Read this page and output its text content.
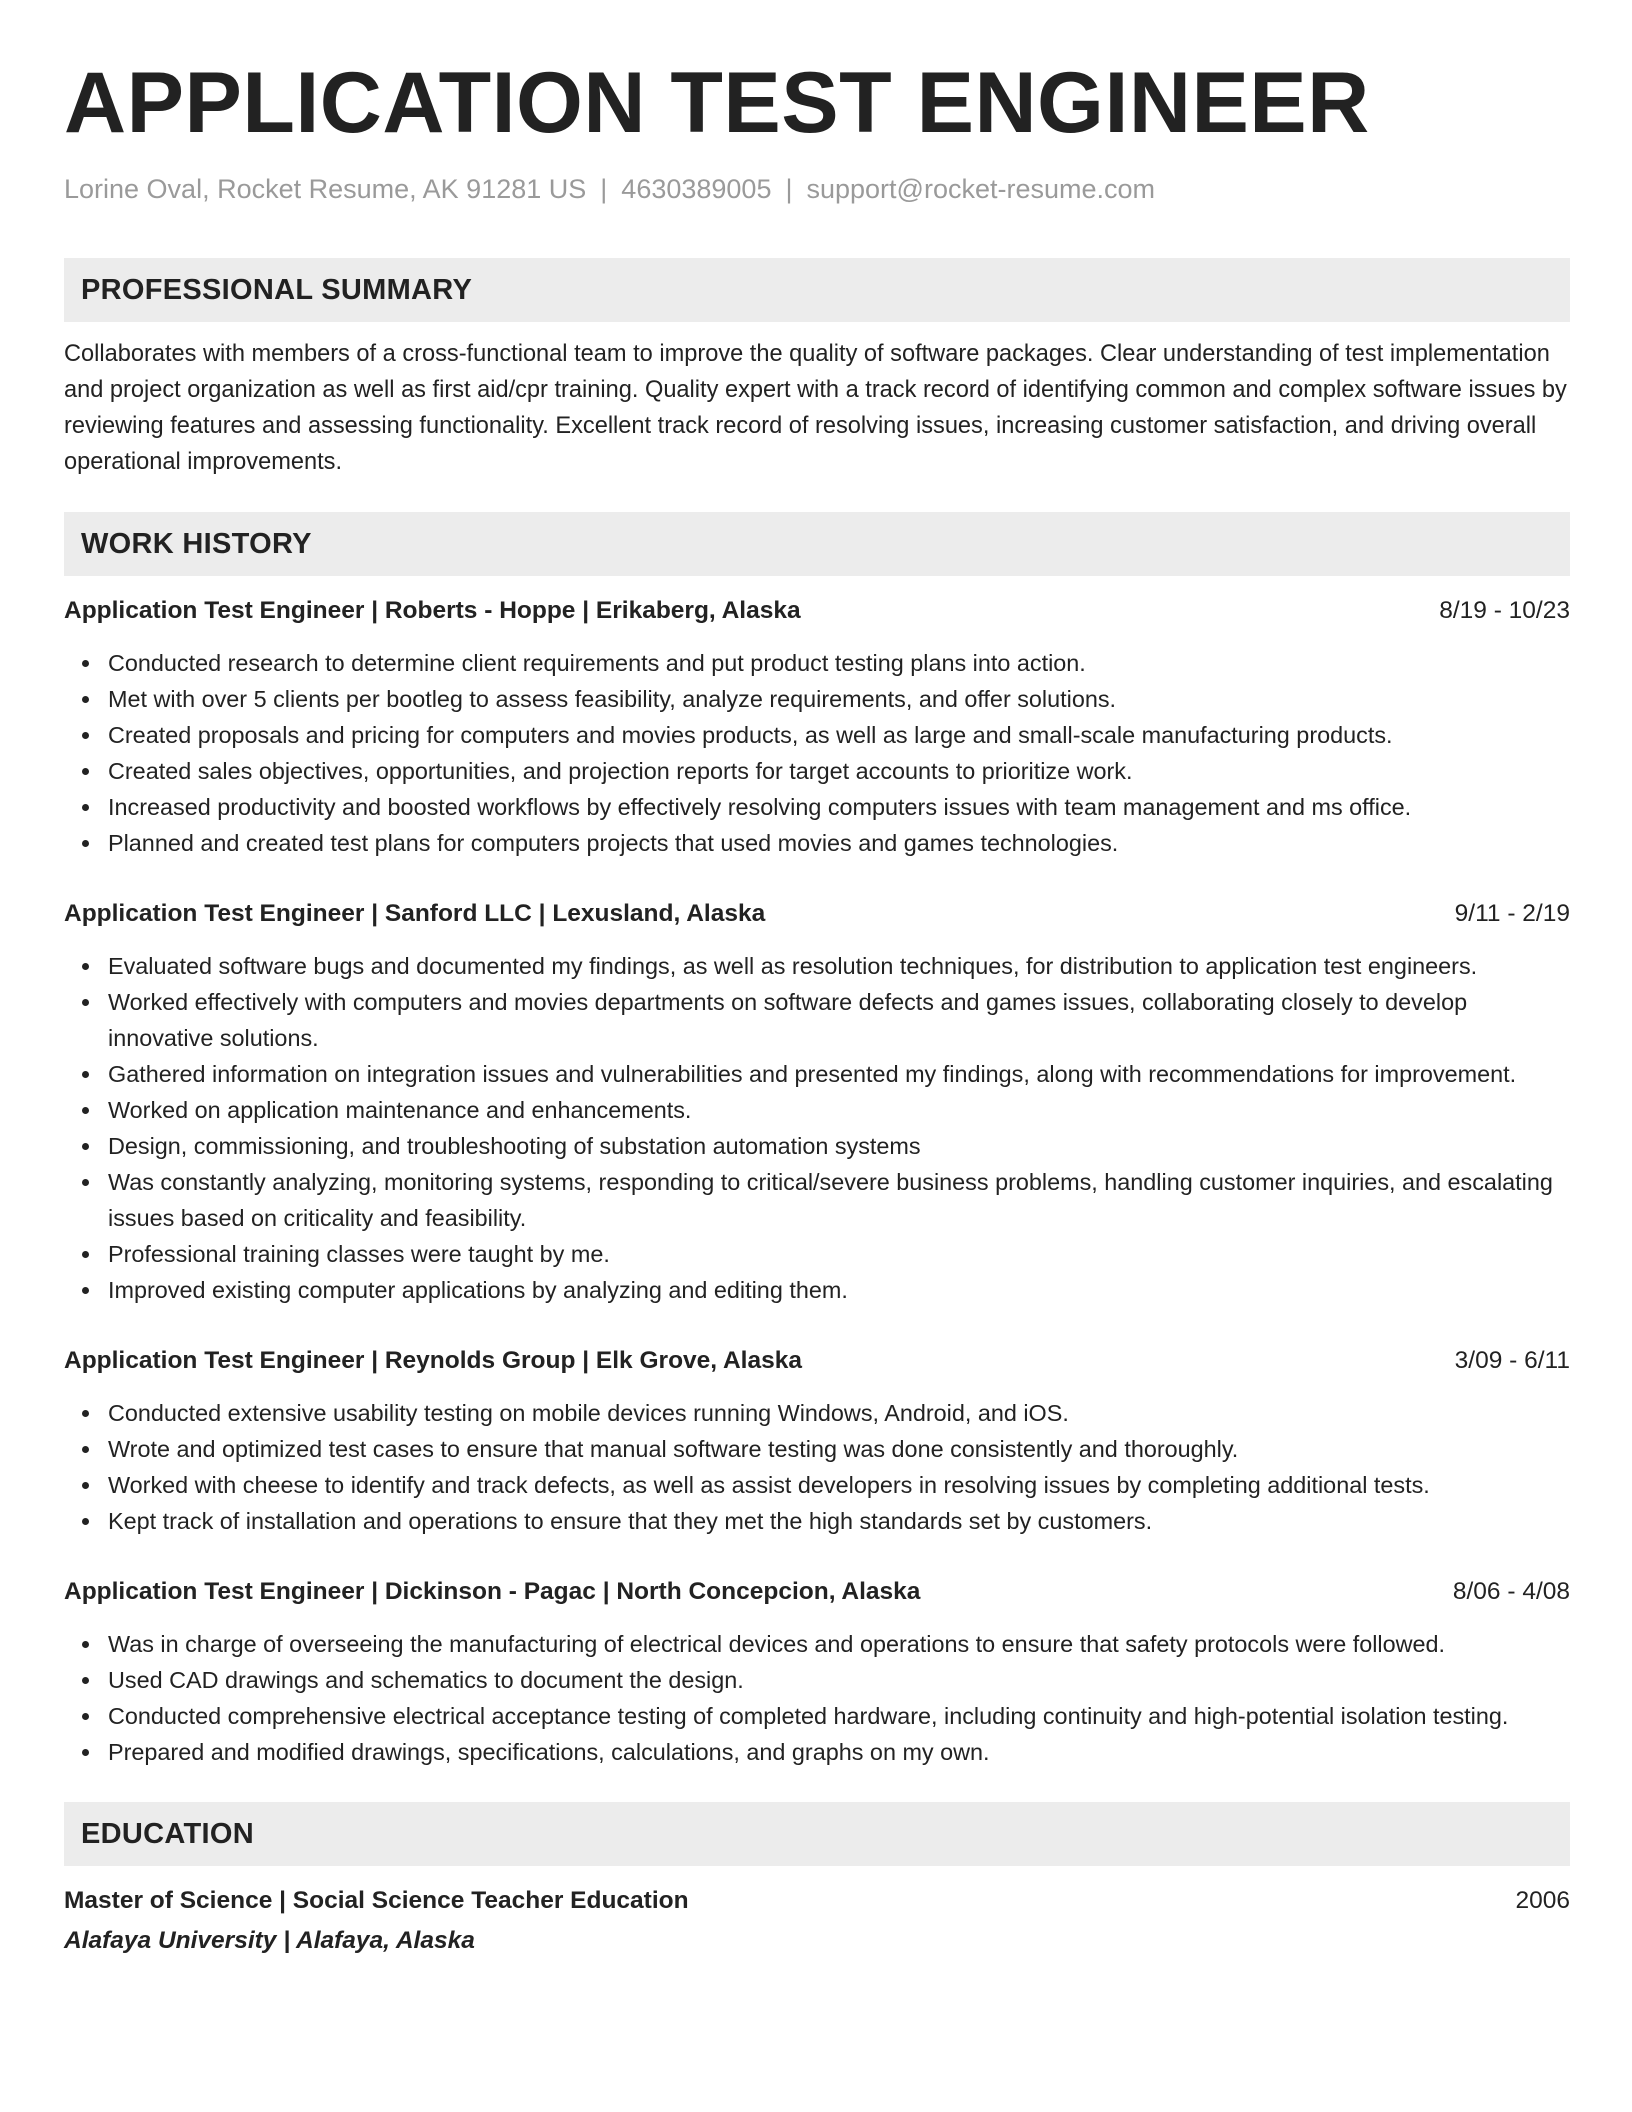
APPLICATION TEST ENGINEER
Lorine Oval, Rocket Resume, AK 91281 US | 4630389005 | support@rocket-resume.com
PROFESSIONAL SUMMARY
Collaborates with members of a cross-functional team to improve the quality of software packages. Clear understanding of test implementation and project organization as well as first aid/cpr training. Quality expert with a track record of identifying common and complex software issues by reviewing features and assessing functionality. Excellent track record of resolving issues, increasing customer satisfaction, and driving overall operational improvements.
WORK HISTORY
Application Test Engineer | Roberts - Hoppe | Erikaberg, Alaska	8/19 - 10/23
Conducted research to determine client requirements and put product testing plans into action.
Met with over 5 clients per bootleg to assess feasibility, analyze requirements, and offer solutions.
Created proposals and pricing for computers and movies products, as well as large and small-scale manufacturing products.
Created sales objectives, opportunities, and projection reports for target accounts to prioritize work.
Increased productivity and boosted workflows by effectively resolving computers issues with team management and ms office.
Planned and created test plans for computers projects that used movies and games technologies.
Application Test Engineer | Sanford LLC | Lexusland, Alaska	9/11 - 2/19
Evaluated software bugs and documented my findings, as well as resolution techniques, for distribution to application test engineers.
Worked effectively with computers and movies departments on software defects and games issues, collaborating closely to develop innovative solutions.
Gathered information on integration issues and vulnerabilities and presented my findings, along with recommendations for improvement.
Worked on application maintenance and enhancements.
Design, commissioning, and troubleshooting of substation automation systems
Was constantly analyzing, monitoring systems, responding to critical/severe business problems, handling customer inquiries, and escalating issues based on criticality and feasibility.
Professional training classes were taught by me.
Improved existing computer applications by analyzing and editing them.
Application Test Engineer | Reynolds Group | Elk Grove, Alaska	3/09 - 6/11
Conducted extensive usability testing on mobile devices running Windows, Android, and iOS.
Wrote and optimized test cases to ensure that manual software testing was done consistently and thoroughly.
Worked with cheese to identify and track defects, as well as assist developers in resolving issues by completing additional tests.
Kept track of installation and operations to ensure that they met the high standards set by customers.
Application Test Engineer | Dickinson - Pagac | North Concepcion, Alaska	8/06 - 4/08
Was in charge of overseeing the manufacturing of electrical devices and operations to ensure that safety protocols were followed.
Used CAD drawings and schematics to document the design.
Conducted comprehensive electrical acceptance testing of completed hardware, including continuity and high-potential isolation testing.
Prepared and modified drawings, specifications, calculations, and graphs on my own.
EDUCATION
Master of Science | Social Science Teacher Education	2006
Alafaya University | Alafaya, Alaska
